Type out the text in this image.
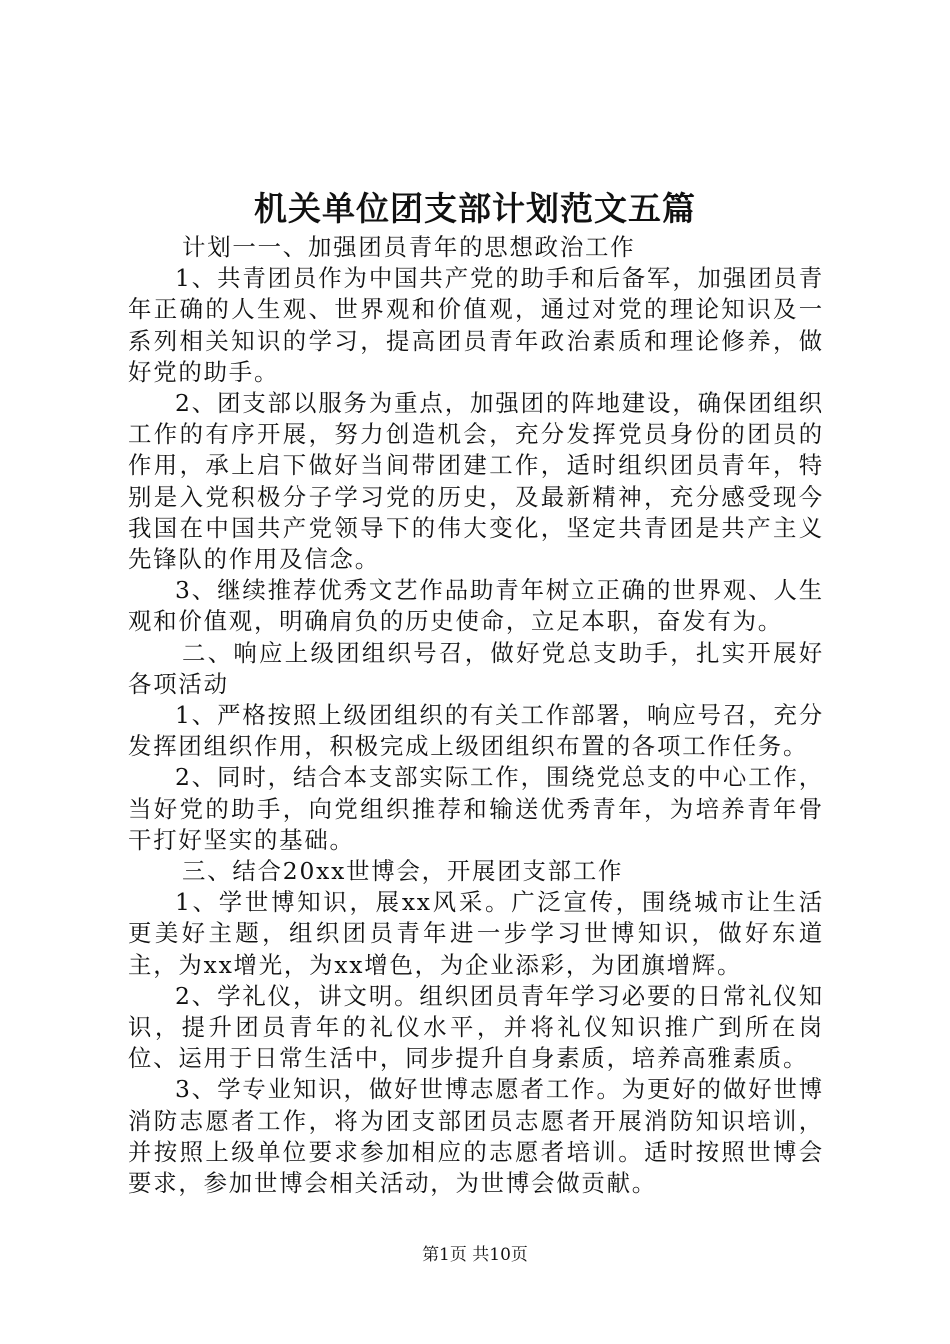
机关单位团支部计划范文五篇

计划一一、加强团员青年的思想政治工作

1、共青团员作为中国共产党的助手和后备军，加强团员青年正确的人生观、世界观和价值观，通过对党的理论知识及一系列相关知识的学习，提高团员青年政治素质和理论修养，做好党的助手。

2、团支部以服务为重点，加强团的阵地建设，确保团组织工作的有序开展，努力创造机会，充分发挥党员身份的团员的作用，承上启下做好当间带团建工作，适时组织团员青年，特别是入党积极分子学习党的历史，及最新精神，充分感受现今我国在中国共产党领导下的伟大变化，坚定共青团是共产主义先锋队的作用及信念。

3、继续推荐优秀文艺作品助青年树立正确的世界观、人生观和价值观，明确肩负的历史使命，立足本职，奋发有为。

二、响应上级团组织号召，做好党总支助手，扎实开展好各项活动

1、严格按照上级团组织的有关工作部署，响应号召，充分发挥团组织作用，积极完成上级团组织布置的各项工作任务。

2、同时，结合本支部实际工作，围绕党总支的中心工作，当好党的助手，向党组织推荐和输送优秀青年，为培养青年骨干打好坚实的基础。

三、结合20xx世博会，开展团支部工作

1、学世博知识，展xx风采。广泛宣传，围绕城市让生活更美好主题，组织团员青年进一步学习世博知识，做好东道主，为xx增光，为xx增色，为企业添彩，为团旗增辉。

2、学礼仪，讲文明。组织团员青年学习必要的日常礼仪知识，提升团员青年的礼仪水平，并将礼仪知识推广到所在岗位、运用于日常生活中，同步提升自身素质，培养高雅素质。

3、学专业知识，做好世博志愿者工作。为更好的做好世博消防志愿者工作，将为团支部团员志愿者开展消防知识培训，并按照上级单位要求参加相应的志愿者培训。适时按照世博会要求，参加世博会相关活动，为世博会做贡献。

第1页 共10页
